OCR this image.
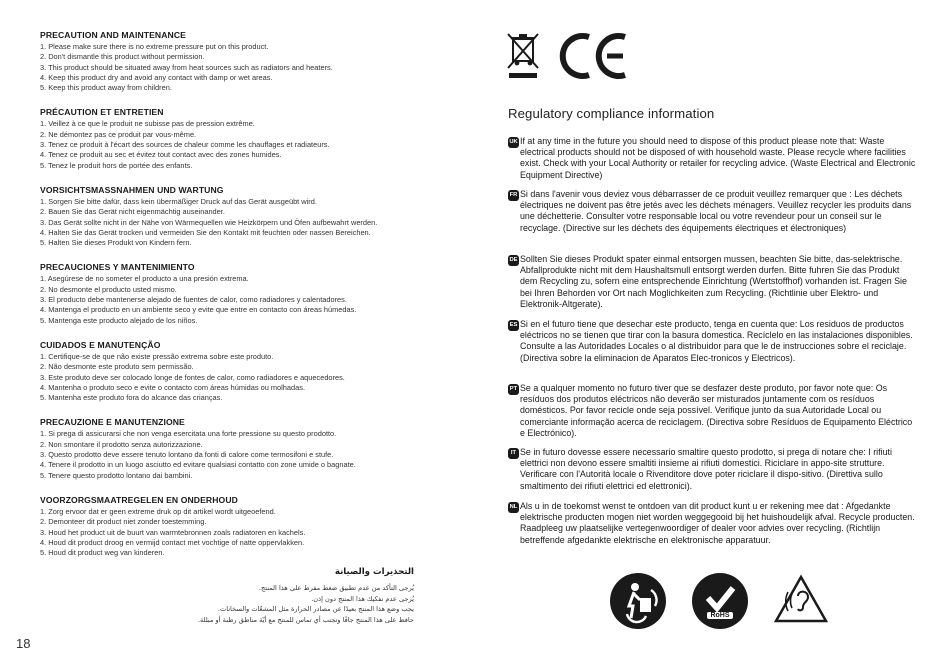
PRECAUTION AND MAINTENANCE
1. Please make sure there is no extreme pressure put on this product.
2. Don't dismantle this product without permission.
3. This product should be situated away from heat sources such as radiators and heaters.
4. Keep this product dry and avoid any contact with damp or wet areas.
5. Keep this product away from children.
PRÉCAUTION ET ENTRETIEN
1. Veillez à ce que le produit ne subisse pas de pression extrême.
2. Ne démontez pas ce produit par vous-même.
3. Tenez ce produit à l'écart des sources de chaleur comme les chauffages et radiateurs.
4. Tenez ce produit au sec et évitez tout contact avec des zones humides.
5. Tenez le produit hors de portée des enfants.
VORSICHTSMASSNAHMEN UND WARTUNG
1. Sorgen Sie bitte dafür, dass kein übermäßiger Druck auf das Gerät ausgeübt wird.
2. Bauen Sie das Gerät nicht eigenmächtig auseinander.
3. Das Gerät sollte nicht in der Nähe von Wärmequellen wie Heizkörpern und Öfen aufbewahrt werden.
4. Halten Sie das Gerät trocken und vermeiden Sie den Kontakt mit feuchten oder nassen Bereichen.
5. Halten Sie dieses Produkt von Kindern fern.
PRECAUCIONES Y MANTENIMIENTO
1. Asegúrese de no someter el producto a una presión extrema.
2. No desmonte el producto usted mismo.
3. El producto debe mantenerse alejado de fuentes de calor, como radiadores y calentadores.
4. Mantenga el producto en un ambiente seco y evite que entre en contacto con áreas húmedas.
5. Mantenga este producto alejado de los niños.
CUIDADOS E MANUTENÇÃO
1. Certifique-se de que não existe pressão extrema sobre este produto.
2. Não desmonte este produto sem permissão.
3. Este produto deve ser colocado longe de fontes de calor, como radiadores e aquecedores.
4. Mantenha o produto seco e evite o contacto com áreas húmidas ou molhadas.
5. Mantenha este produto fora do alcance das crianças.
PRECAUZIONE E MANUTENZIONE
1. Si prega di assicurarsi che non venga esercitata una forte pressione su questo prodotto.
2. Non smontare il prodotto senza autorizzazione.
3. Questo prodotto deve essere tenuto lontano da fonti di calore come termosifoni e stufe.
4. Tenere il prodotto in un luogo asciutto ed evitare qualsiasi contatto con zone umide o bagnate.
5. Tenere questo prodotto lontano dai bambini.
VOORZORGSMAATREGELEN EN ONDERHOUD
1. Zorg ervoor dat er geen extreme druk op dit artikel wordt uitgeoefend.
2. Demonteer dit product niet zonder toestemming.
3. Houd het product uit de buurt van warmtebronnen zoals radiatoren en kachels.
4. Houd dit product droog en vermijd contact met vochtige of natte oppervlakken.
5. Houd dit product weg van kinderen.
التحذيرات والصيانة
يُرجى التأكد من عدم تطبيق ضغط مفرط على هذا المنتج.
يُرجى عدم تفكيك هذا المنتج دون إذن.
يجب وضع هذا المنتج بعيدًا عن مصادر الحرارة مثل المشعّات والسخانات.
حافظ على هذا المنتج جافًا وتجنب أي تماس للمنتج مع أيّة مناطق رطبة أو مبللة.
18
Regulatory compliance information
UK If at any time in the future you should need to dispose of this product please note that: Waste electrical products should not be disposed of with household waste. Please recycle where facilities exist. Check with your Local Authority or retailer for recycling advice. (Waste Electrical and Electronic Equipment Directive)

FR Si dans l'avenir vous deviez vous débarrasser de ce produit veuillez remarquer que : Les déchets électriques ne doivent pas être jetés avec les déchets ménagers. Veuillez recycler les produits dans une déchetterie. Consulter votre responsable local ou votre revendeur pour un conseil sur le recyclage. (Directive sur les déchets des équipements électriques et électroniques)

DE Sollten Sie dieses Produkt spater einmal entsorgen mussen, beachten Sie bitte, das-selektrische. Abfallprodukte nicht mit dem Haushaltsmull entsorgt werden durfen. Bitte fuhren Sie das Produkt dem Recycling zu, sofern eine entsprechende Einrichtung (Wertstoffhof) vorhanden ist. Fragen Sie bei Ihren Behorden vor Ort nach Moglichkeiten zum Recycling. (Richtlinie uber Elektro- und Elektronik-Altgerate).

ES Si en el futuro tiene que desechar este producto, tenga en cuenta que: Los residuos de productos eléctricos no se tienen que tirar con la basura domestica. Recíclelo en las instalaciones disponibles. Consulte a las Autoridades Locales o al distribuidor para que le de instrucciones sobre el reciclaje. (Directiva sobre la eliminacion de Aparatos Elec-tronicos y Electricos).

PT Se a qualquer momento no futuro tiver que se desfazer deste produto, por favor note que: Os resíduos dos produtos eléctricos não deverão ser misturados juntamente com os resíduos domésticos. Por favor recicle onde seja possível. Verifique junto da sua Autoridade Local ou comerciante informação acerca de reciclagem. (Directiva sobre Resíduos de Equipamento Eléctrico e Electrónico).

IT Se in futuro dovesse essere necessario smaltire questo prodotto, si prega di notare che: I rifiuti elettrici non devono essere smaltiti insieme ai rifiuti domestici. Riciclare in appo-site strutture. Verificare con l'Autorità locale o Rivenditore dove poter riciclare il dispo-sitivo. (Direttiva sullo smaltimento dei rifiuti elettrici ed elettronici).

NL Als u in de toekomst wenst te ontdoen van dit product kunt u er rekening mee dat : Afgedankte elektrische producten mogen niet worden weggegooid bij het huishoudelijk afval. Recycle producten. Raadpleeg uw plaatselijke vertegenwoordiger of dealer voor advies over recycling. (Richtlijn betreffende afgedankte elektrische en elektronische apparatuur.

RoHS
